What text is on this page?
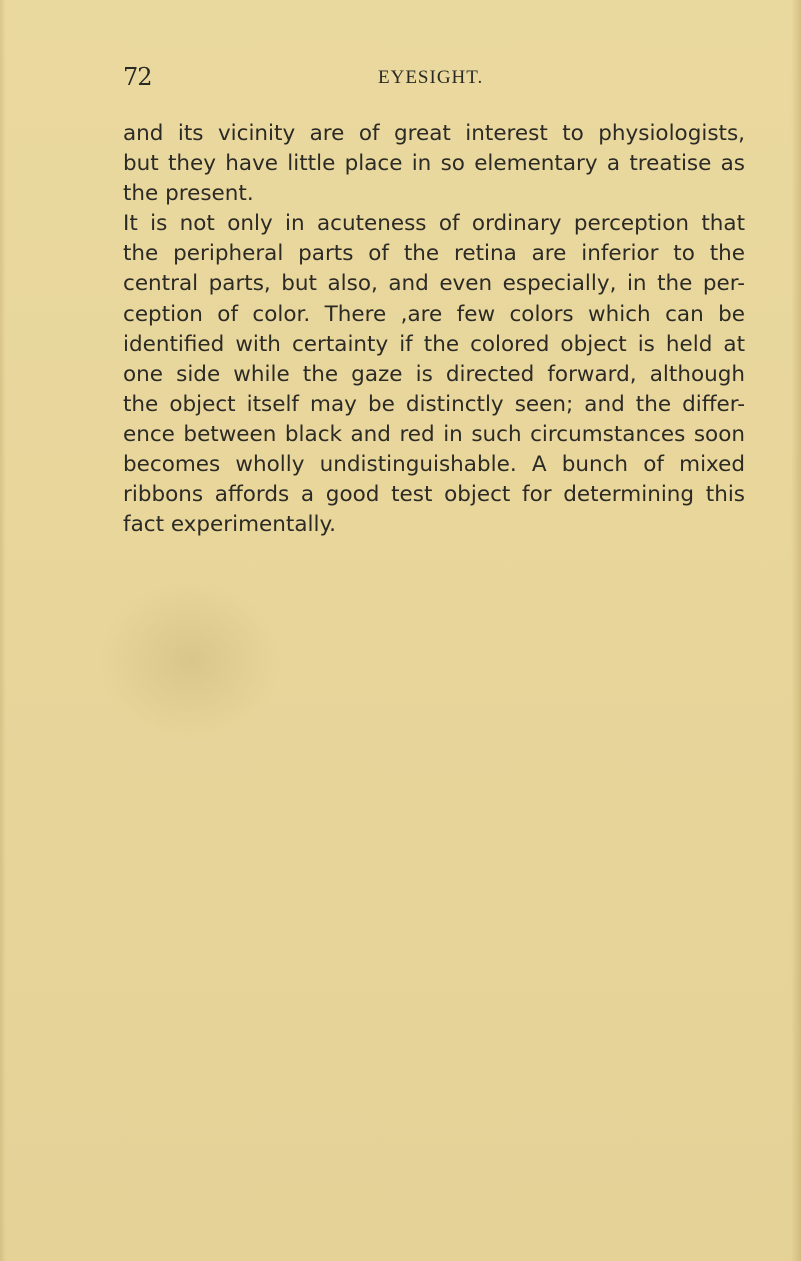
72	EYESIGHT.
and its vicinity are of great interest to physiologists,
but they have little place in so elementary a treatise as
the present.
It is not only in acuteness of ordinary perception that
the peripheral parts of the retina are inferior to the
central parts, but also, and even especially, in the per-
ception of color. There ,are few colors which can be
identified with certainty if the colored object is held at
one side while the gaze is directed forward, although
the object itself may be distinctly seen; and the differ-
ence between black and red in such circumstances soon
becomes wholly undistinguishable. A bunch of mixed
ribbons affords a good test object for determining this
fact experimentally.
